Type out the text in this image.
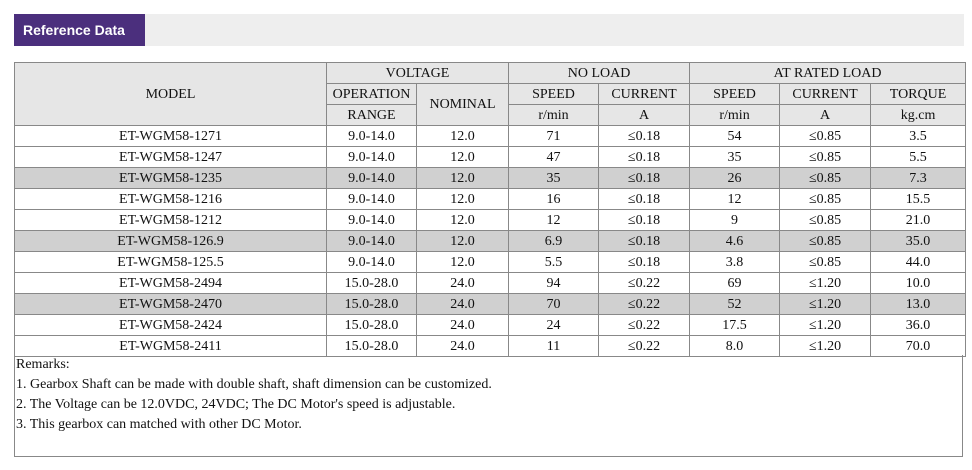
Reference Data
MODEL	VOLTAGE		NO LOAD		AT RATED LOAD		
	OPERATION	NOMINAL	SPEED	CURRENT	SPEED	CURRENT	TORQUE
	RANGE		r/min	A	r/min	A	kg.cm
ET-WGM58-1271	9.0-14.0	12.0	71	≤0.18	54	≤0.85	3.5
ET-WGM58-1247	9.0-14.0	12.0	47	≤0.18	35	≤0.85	5.5
ET-WGM58-1235	9.0-14.0	12.0	35	≤0.18	26	≤0.85	7.3
ET-WGM58-1216	9.0-14.0	12.0	16	≤0.18	12	≤0.85	15.5
ET-WGM58-1212	9.0-14.0	12.0	12	≤0.18	9	≤0.85	21.0
ET-WGM58-126.9	9.0-14.0	12.0	6.9	≤0.18	4.6	≤0.85	35.0
ET-WGM58-125.5	9.0-14.0	12.0	5.5	≤0.18	3.8	≤0.85	44.0
ET-WGM58-2494	15.0-28.0	24.0	94	≤0.22	69	≤1.20	10.0
ET-WGM58-2470	15.0-28.0	24.0	70	≤0.22	52	≤1.20	13.0
ET-WGM58-2424	15.0-28.0	24.0	24	≤0.22	17.5	≤1.20	36.0
ET-WGM58-2411	15.0-28.0	24.0	11	≤0.22	8.0	≤1.20	70.0
Remarks:
1. Gearbox Shaft can be made with double shaft, shaft dimension can be customized.
2. The Voltage can be 12.0VDC, 24VDC; The DC Motor's speed is adjustable.
3. This gearbox can matched with other DC Motor.
